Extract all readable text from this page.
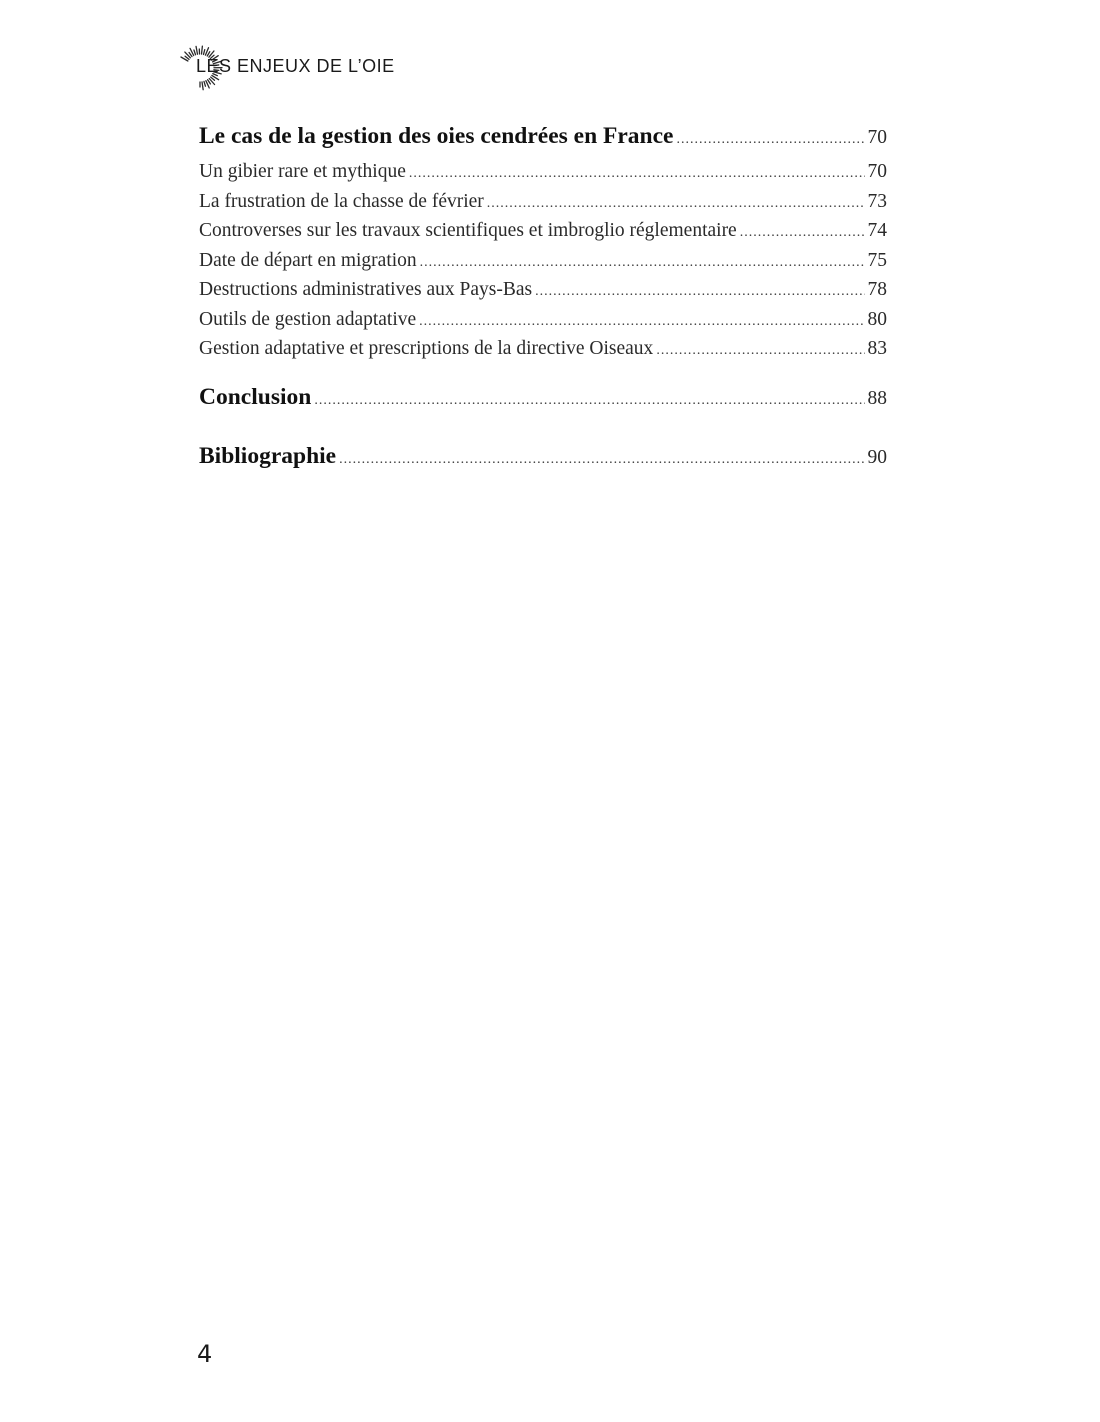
LES ENJEUX DE L’OIE
Le cas de la gestion des oies cendrées en France .....	70
Un gibier rare et mythique .....	70
La frustration de la chasse de février .....	73
Controverses sur les travaux scientifiques et imbroglio réglementaire .....	74
Date de départ en migration .....	75
Destructions administratives aux Pays-Bas .....	78
Outils de gestion adaptative .....	80
Gestion adaptative et prescriptions de la directive Oiseaux .....	83
Conclusion .....	88
Bibliographie .....	90
4
